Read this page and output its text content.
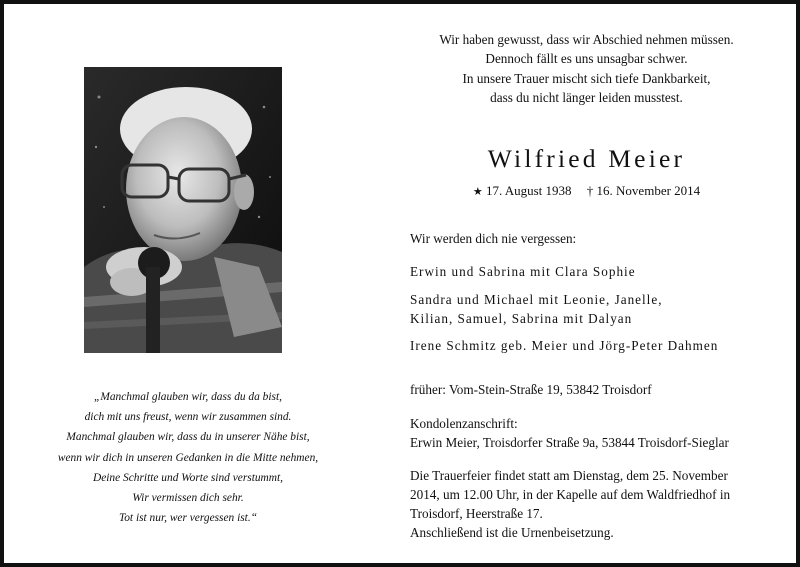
„Manchmal glauben wir, dass du da bist,
dich mit uns freust, wenn wir zusammen sind.
Manchmal glauben wir, dass du in unserer Nähe bist,
wenn wir dich in unseren Gedanken in die Mitte nehmen,
Deine Schritte und Worte sind verstummt,
Wir vermissen dich sehr.
Tot ist nur, wer vergessen ist.“
Wir haben gewusst, dass wir Abschied nehmen müssen.
Dennoch fällt es uns unsagbar schwer.
In unsere Trauer mischt sich tiefe Dankbarkeit,
dass du nicht länger leiden musstest.
Wilfried Meier
★ 17. August 1938 † 16. November 2014
Wir werden dich nie vergessen:
Erwin und Sabrina mit Clara Sophie
Sandra und Michael mit Leonie, Janelle,
Kilian, Samuel, Sabrina mit Dalyan
Irene Schmitz geb. Meier und Jörg-Peter Dahmen
früher: Vom-Stein-Straße 19, 53842 Troisdorf
Kondolenzanschrift:
Erwin Meier, Troisdorfer Straße 9a, 53844 Troisdorf-Sieglar
Die Trauerfeier findet statt am Dienstag, dem 25. November
2014, um 12.00 Uhr, in der Kapelle auf dem Waldfriedhof in
Troisdorf, Heerstraße 17.
Anschließend ist die Urnenbeisetzung.
